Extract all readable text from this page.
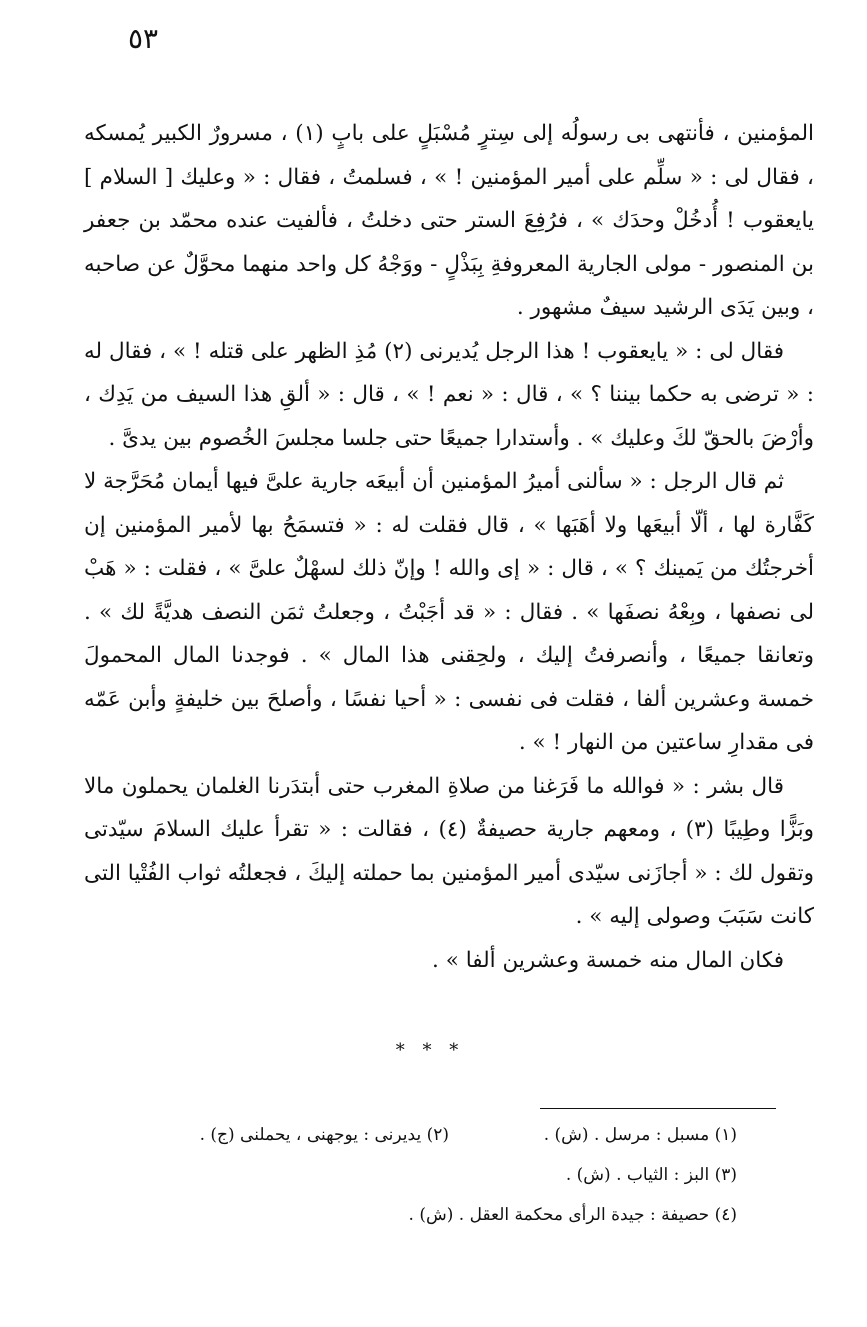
٥٣

المؤمنين ، فأنتهى بى رسولُه إلى سِترٍ مُسْبَلٍ على بابٍ (١) ، مسرورٌ الكبير يُمسكه ، فقال لى : « سلِّم على أمير المؤمنين ! » ، فسلمتُ ، فقال : « وعليك [ السلام ] يايعقوب ! أُدخُلْ وحدَك » ، فرُفِعَ الستر حتى دخلتُ ، فألفيت عنده محمّد بن جعفر بن المنصور - مولى الجارية المعروفةِ بِبَذْلٍ - ووَجْهُ كل واحد منهما محوَّلٌ عن صاحبه ، وبين يَدَى الرشيد سيفٌ مشهور .

فقال لى : « يايعقوب ! هذا الرجل يُديرنى (٢) مُذِ الظهر على قتله ! » ، فقال له : « ترضى به حكما بيننا ؟ » ، قال : « نعم ! » ، قال : « ألقِ هذا السيف من يَدِك ، وأرْضَ بالحقّ لكَ وعليك » . وأستدارا جميعًا حتى جلسا مجلسَ الخُصوم بين يدىَّ .

ثم قال الرجل : « سألنى أميرُ المؤمنين أن أبيعَه جارية علىَّ فيها أيمان مُحَرَّجة لا كَفَّارة لها ، ألّا أبيعَها ولا أهَبَها » ، قال فقلت له : « فتسمَحُ بها لأمير المؤمنين إن أخرجتُك من يَمينك ؟ » ، قال : « إى والله ! وإنّ ذلك لسهْلٌ علىَّ » ، فقلت : « هَبْ لى نصفها ، وبِعْهُ نصفَها » . فقال : « قد أجَبْتُ ، وجعلتُ ثمَن النصف هديَّةً لك » . وتعانقا جميعًا ، وأنصرفتُ إليك ، ولحِقنى هذا المال » . فوجدنا المال المحمولَ خمسة وعشرين ألفا ، فقلت فى نفسى : « أحيا نفسًا ، وأصلحَ بين خليفةٍ وأبن عَمّه فى مقدارِ ساعتين من النهار ! » .

قال بشر : « فوالله ما فَرَغنا من صلاةِ المغرب حتى أبتدَرنا الغلمان يحملون مالا وبَزًّا وطِيبًا (٣) ، ومعهم جارية حصيفةٌ (٤) ، فقالت : « تقرأ عليك السلامَ سيّدتى وتقول لك : « أجازَنى سيّدى أمير المؤمنين بما حملته إليكَ ، فجعلتُه ثواب الفُتْيا التى كانت سَبَبَ وصولى إليه » .

فكان المال منه خمسة وعشرين ألفا » .

* * *
(١) مسبل : مرسل . (ش) .
(٢) يديرنى : يوجهنى ، يحملنى (ج) .
(٣) البز : الثياب . (ش) .
(٤) حصيفة : جيدة الرأى محكمة العقل . (ش) .
